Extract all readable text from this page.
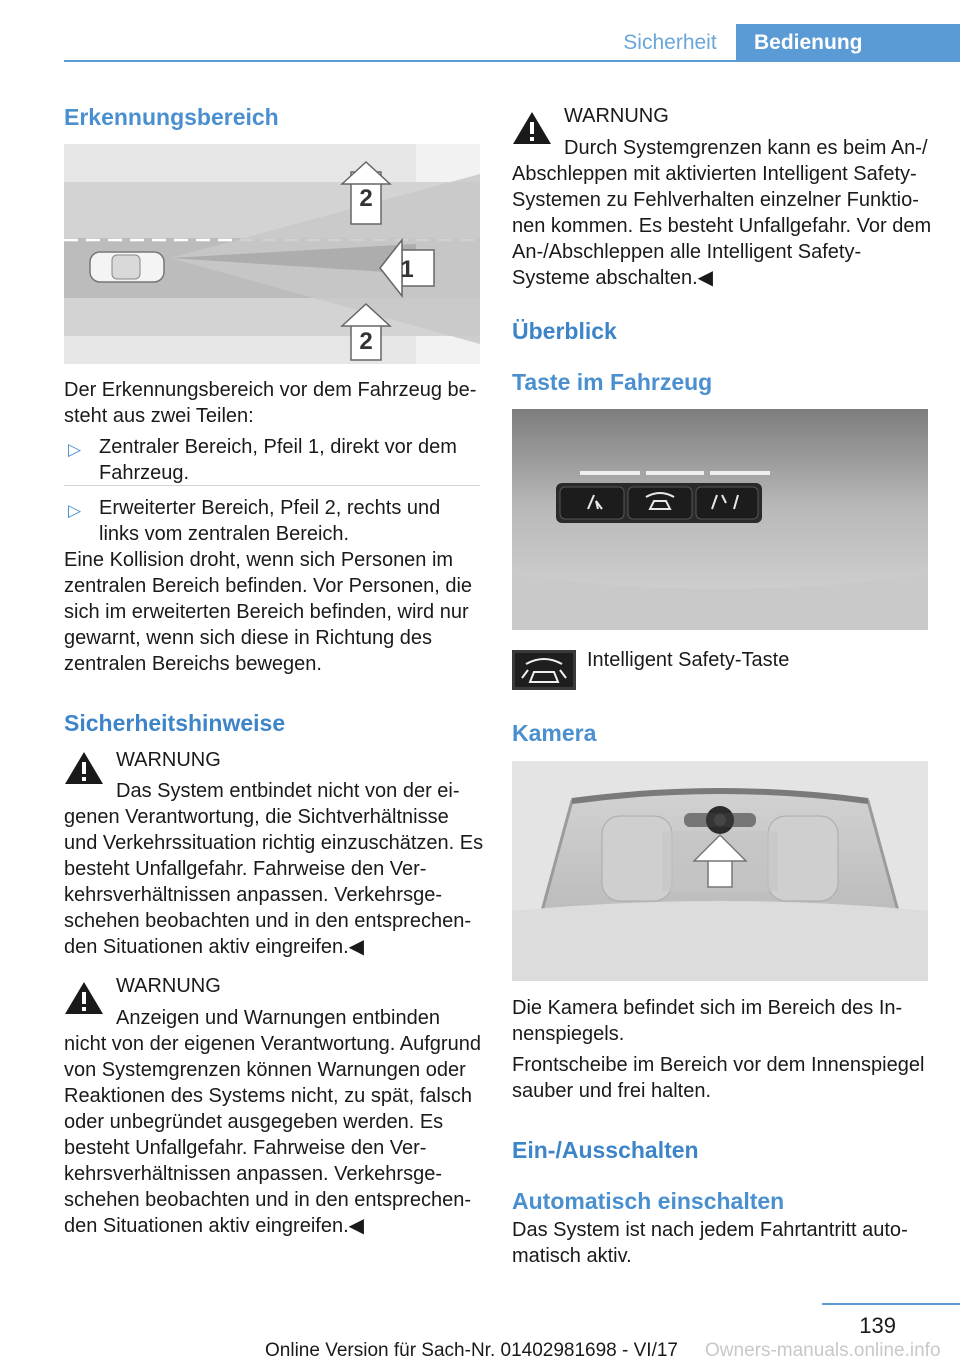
Sicherheit	Bedienung
Erkennungsbereich
2
1
2
Der Erkennungsbereich vor dem Fahrzeug be-
steht aus zwei Teilen:
▷ Zentraler Bereich, Pfeil 1, direkt vor dem Fahrzeug.
▷ Erweiterter Bereich, Pfeil 2, rechts und links vom zentralen Bereich.
Eine Kollision droht, wenn sich Personen im zentralen Bereich befinden. Vor Personen, die sich im erweiterten Bereich befinden, wird nur gewarnt, wenn sich diese in Richtung des zentralen Bereichs bewegen.
Sicherheitshinweise
WARNUNG
Das System entbindet nicht von der ei-
genen Verantwortung, die Sichtverhältnisse und Verkehrssituation richtig einzuschätzen. Es besteht Unfallgefahr. Fahrweise den Verkehrsverhältnissen anpassen. Verkehrsgeschehen beobachten und in den entsprechenden Situationen aktiv eingreifen.◀
WARNUNG
Anzeigen und Warnungen entbinden
nicht von der eigenen Verantwortung. Aufgrund von Systemgrenzen können Warnungen oder Reaktionen des Systems nicht, zu spät, falsch oder unbegründet ausgegeben werden. Es besteht Unfallgefahr. Fahrweise den Verkehrsverhältnissen anpassen. Verkehrsgeschehen beobachten und in den entsprechenden Situationen aktiv eingreifen.◀
WARNUNG
Durch Systemgrenzen kann es beim An-/
Abschleppen mit aktivierten Intelligent Safety-Systemen zu Fehlverhalten einzelner Funktionen kommen. Es besteht Unfallgefahr. Vor dem An-/Abschleppen alle Intelligent Safety-Systeme abschalten.◀
Überblick
Taste im Fahrzeug
Intelligent Safety-Taste
Kamera
Die Kamera befindet sich im Bereich des Innenspiegels.
Frontscheibe im Bereich vor dem Innenspiegel sauber und frei halten.
Ein-/Ausschalten
Automatisch einschalten
Das System ist nach jedem Fahrtantritt automatisch aktiv.
139
Online Version für Sach-Nr. 01402981698 - VI/17 Owners-manuals.online.info
